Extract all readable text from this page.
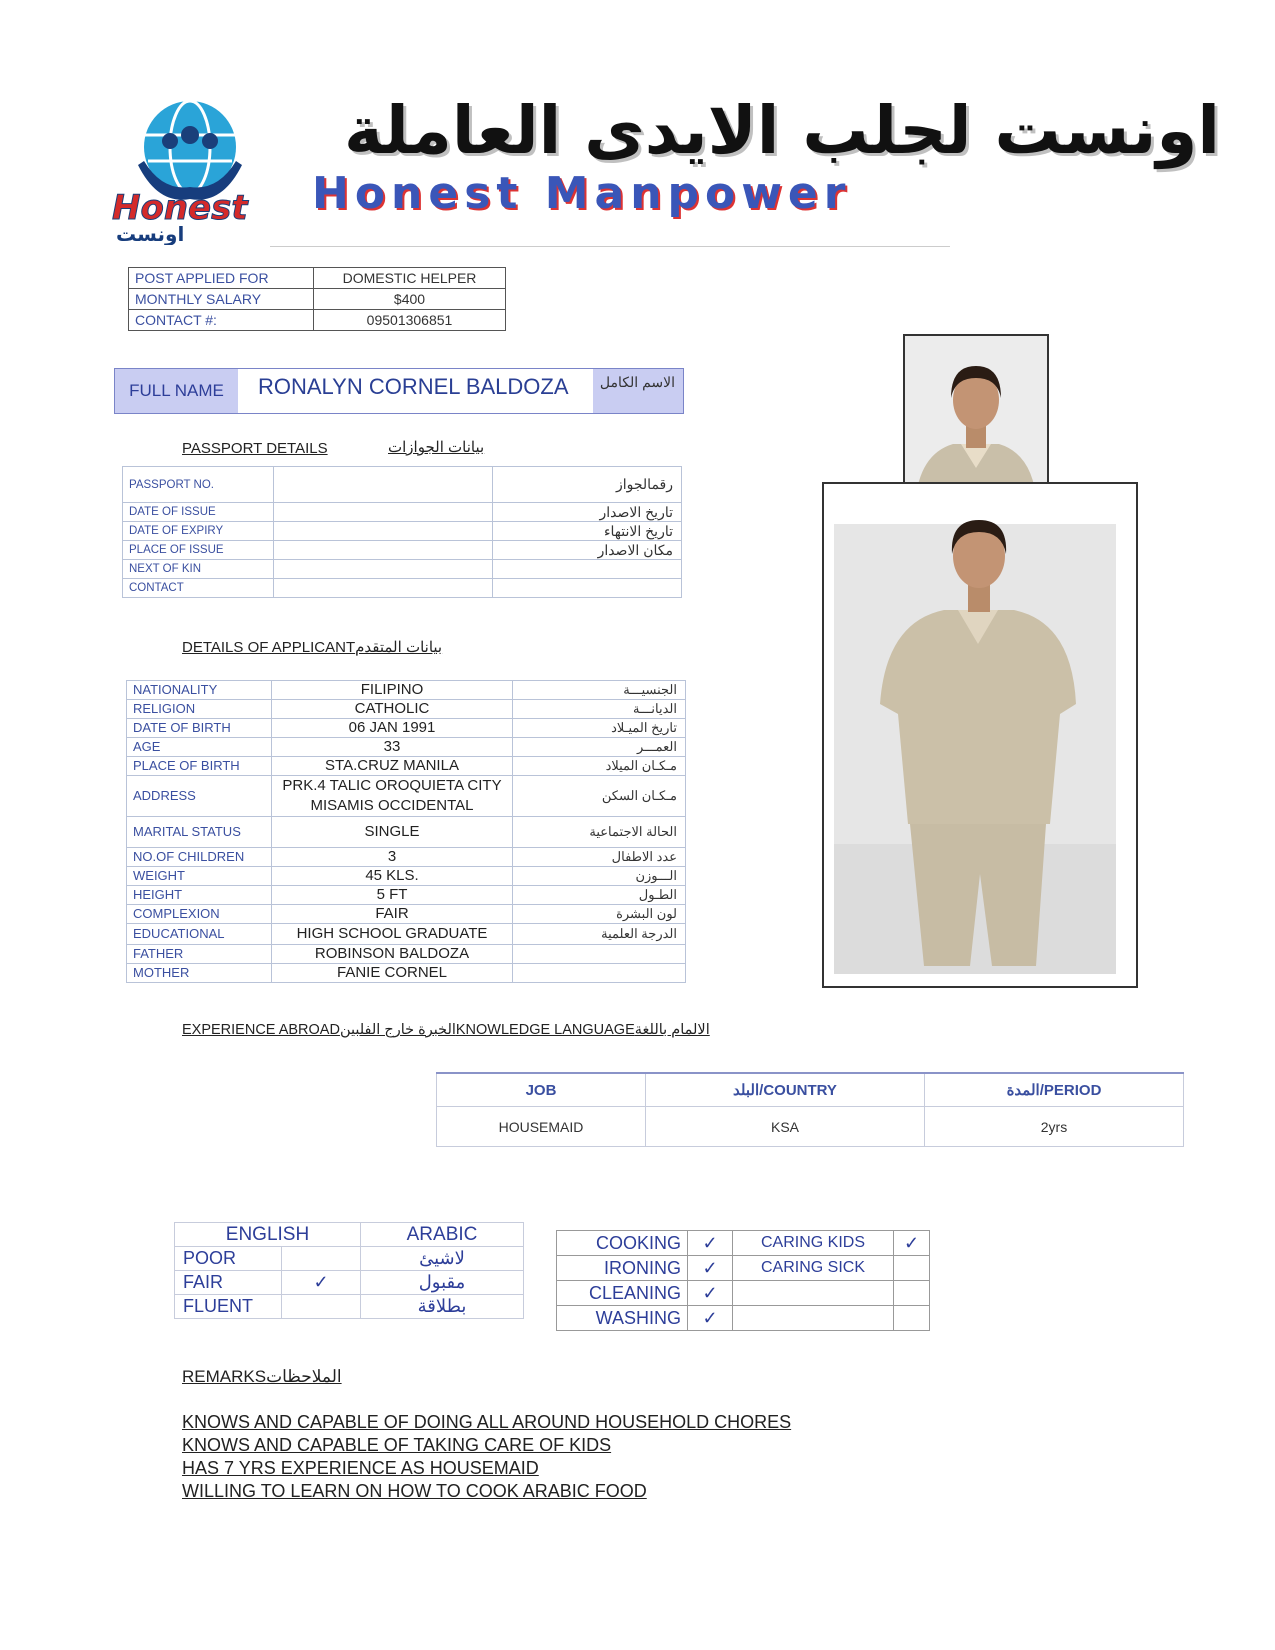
Honest
اونست
اونست لجلب الايدى العاملة
Honest Manpower
POST APPLIED FOR	DOMESTIC HELPER
MONTHLY SALARY	$400
CONTACT #:	09501306851
FULL NAME	RONALYN CORNEL BALDOZA	الاسم الكامل
PASSPORT DETAILS	بيانات الجوازات
PASSPORT NO.		رقمالجواز
DATE OF ISSUE		تاريخ الاصدار
DATE OF EXPIRY		تاريخ الانتهاء
PLACE OF ISSUE		مكان الاصدار
NEXT OF KIN		
CONTACT		
DETAILS OF APPLICANTبيانات المتقدم
NATIONALITY	FILIPINO	الجنسيـــة
RELIGION	CATHOLIC	الديانـــة
DATE OF BIRTH	06 JAN 1991	تاريخ الميـلاد
AGE	33	العمـــر
PLACE OF BIRTH	STA.CRUZ MANILA	مـكـان الميلاد
ADDRESS	PRK.4 TALIC OROQUIETA CITY MISAMIS OCCIDENTAL	مـكـان السكن
MARITAL STATUS	SINGLE	الحالة الاجتماعية
NO.OF CHILDREN	3	عدد الاطفال
WEIGHT	45 KLS.	الـــوزن
HEIGHT	5 FT	الطـول
COMPLEXION	FAIR	لون البشرة
EDUCATIONAL	HIGH SCHOOL GRADUATE	الدرجة العلمية
FATHER	ROBINSON BALDOZA	
MOTHER	FANIE CORNEL	
EXPERIENCE ABROADالخبرة خارج الفلبينKNOWLEDGE LANGUAGEالالمام باللغة
JOB	البلد/COUNTRY	المدة/PERIOD
HOUSEMAID	KSA	2yrs
ENGLISH		ARABIC
POOR		لاشيئ
FAIR	✓	مقبول
FLUENT		بطلاقة
COOKING	✓	CARING KIDS	✓
IRONING	✓	CARING SICK	
CLEANING	✓		
WASHING	✓		
REMARKSالملاحظات
KNOWS AND CAPABLE OF DOING ALL AROUND HOUSEHOLD CHORES
KNOWS AND CAPABLE OF TAKING CARE OF KIDS
HAS 7 YRS EXPERIENCE AS HOUSEMAID
WILLING TO LEARN ON HOW TO COOK ARABIC FOOD
